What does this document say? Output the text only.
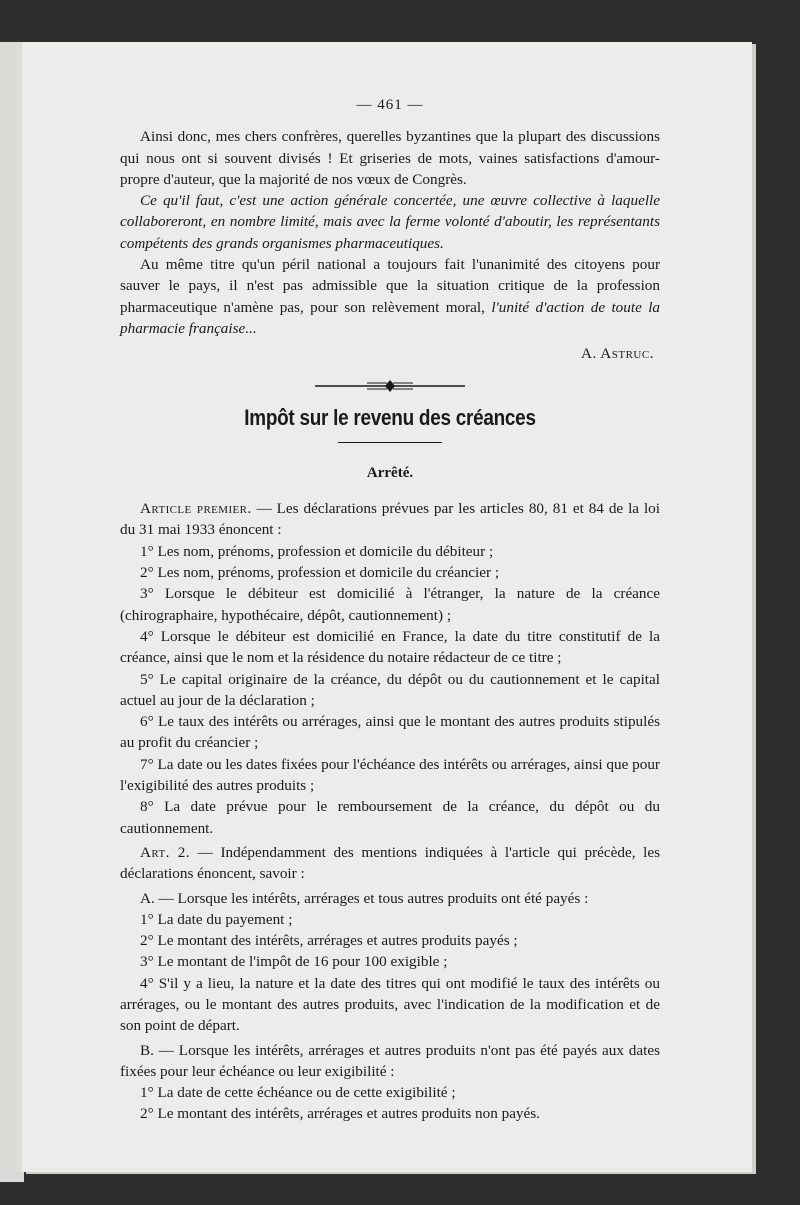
— 461 —

Ainsi donc, mes chers confrères, querelles byzantines que la plupart des discussions qui nous ont si souvent divisés ! Et griseries de mots, vaines satisfactions d'amour-propre d'auteur, que la majorité de nos vœux de Congrès.

Ce qu'il faut, c'est une action générale concertée, une œuvre collective à laquelle collaboreront, en nombre limité, mais avec la ferme volonté d'aboutir, les représentants compétents des grands organismes pharmaceutiques.

Au même titre qu'un péril national a toujours fait l'unanimité des citoyens pour sauver le pays, il n'est pas admissible que la situation critique de la profession pharmaceutique n'amène pas, pour son relèvement moral, l'unité d'action de toute la pharmacie française...

A. Astruc.
Impôt sur le revenu des créances
Arrêté.

Article premier. — Les déclarations prévues par les articles 80, 81 et 84 de la loi du 31 mai 1933 énoncent :

1° Les nom, prénoms, profession et domicile du débiteur ;

2° Les nom, prénoms, profession et domicile du créancier ;

3° Lorsque le débiteur est domicilié à l'étranger, la nature de la créance (chirographaire, hypothécaire, dépôt, cautionnement) ;

4° Lorsque le débiteur est domicilié en France, la date du titre constitutif de la créance, ainsi que le nom et la résidence du notaire rédacteur de ce titre ;

5° Le capital originaire de la créance, du dépôt ou du cautionnement et le capital actuel au jour de la déclaration ;

6° Le taux des intérêts ou arrérages, ainsi que le montant des autres produits stipulés au profit du créancier ;

7° La date ou les dates fixées pour l'échéance des intérêts ou arrérages, ainsi que pour l'exigibilité des autres produits ;

8° La date prévue pour le remboursement de la créance, du dépôt ou du cautionnement.

Art. 2. — Indépendamment des mentions indiquées à l'article qui précède, les déclarations énoncent, savoir :

A. — Lorsque les intérêts, arrérages et tous autres produits ont été payés :

1° La date du payement ;

2° Le montant des intérêts, arrérages et autres produits payés ;

3° Le montant de l'impôt de 16 pour 100 exigible ;

4° S'il y a lieu, la nature et la date des titres qui ont modifié le taux des intérêts ou arrérages, ou le montant des autres produits, avec l'indication de la modification et de son point de départ.

B. — Lorsque les intérêts, arrérages et autres produits n'ont pas été payés aux dates fixées pour leur échéance ou leur exigibilité :

1° La date de cette échéance ou de cette exigibilité ;

2° Le montant des intérêts, arrérages et autres produits non payés.
